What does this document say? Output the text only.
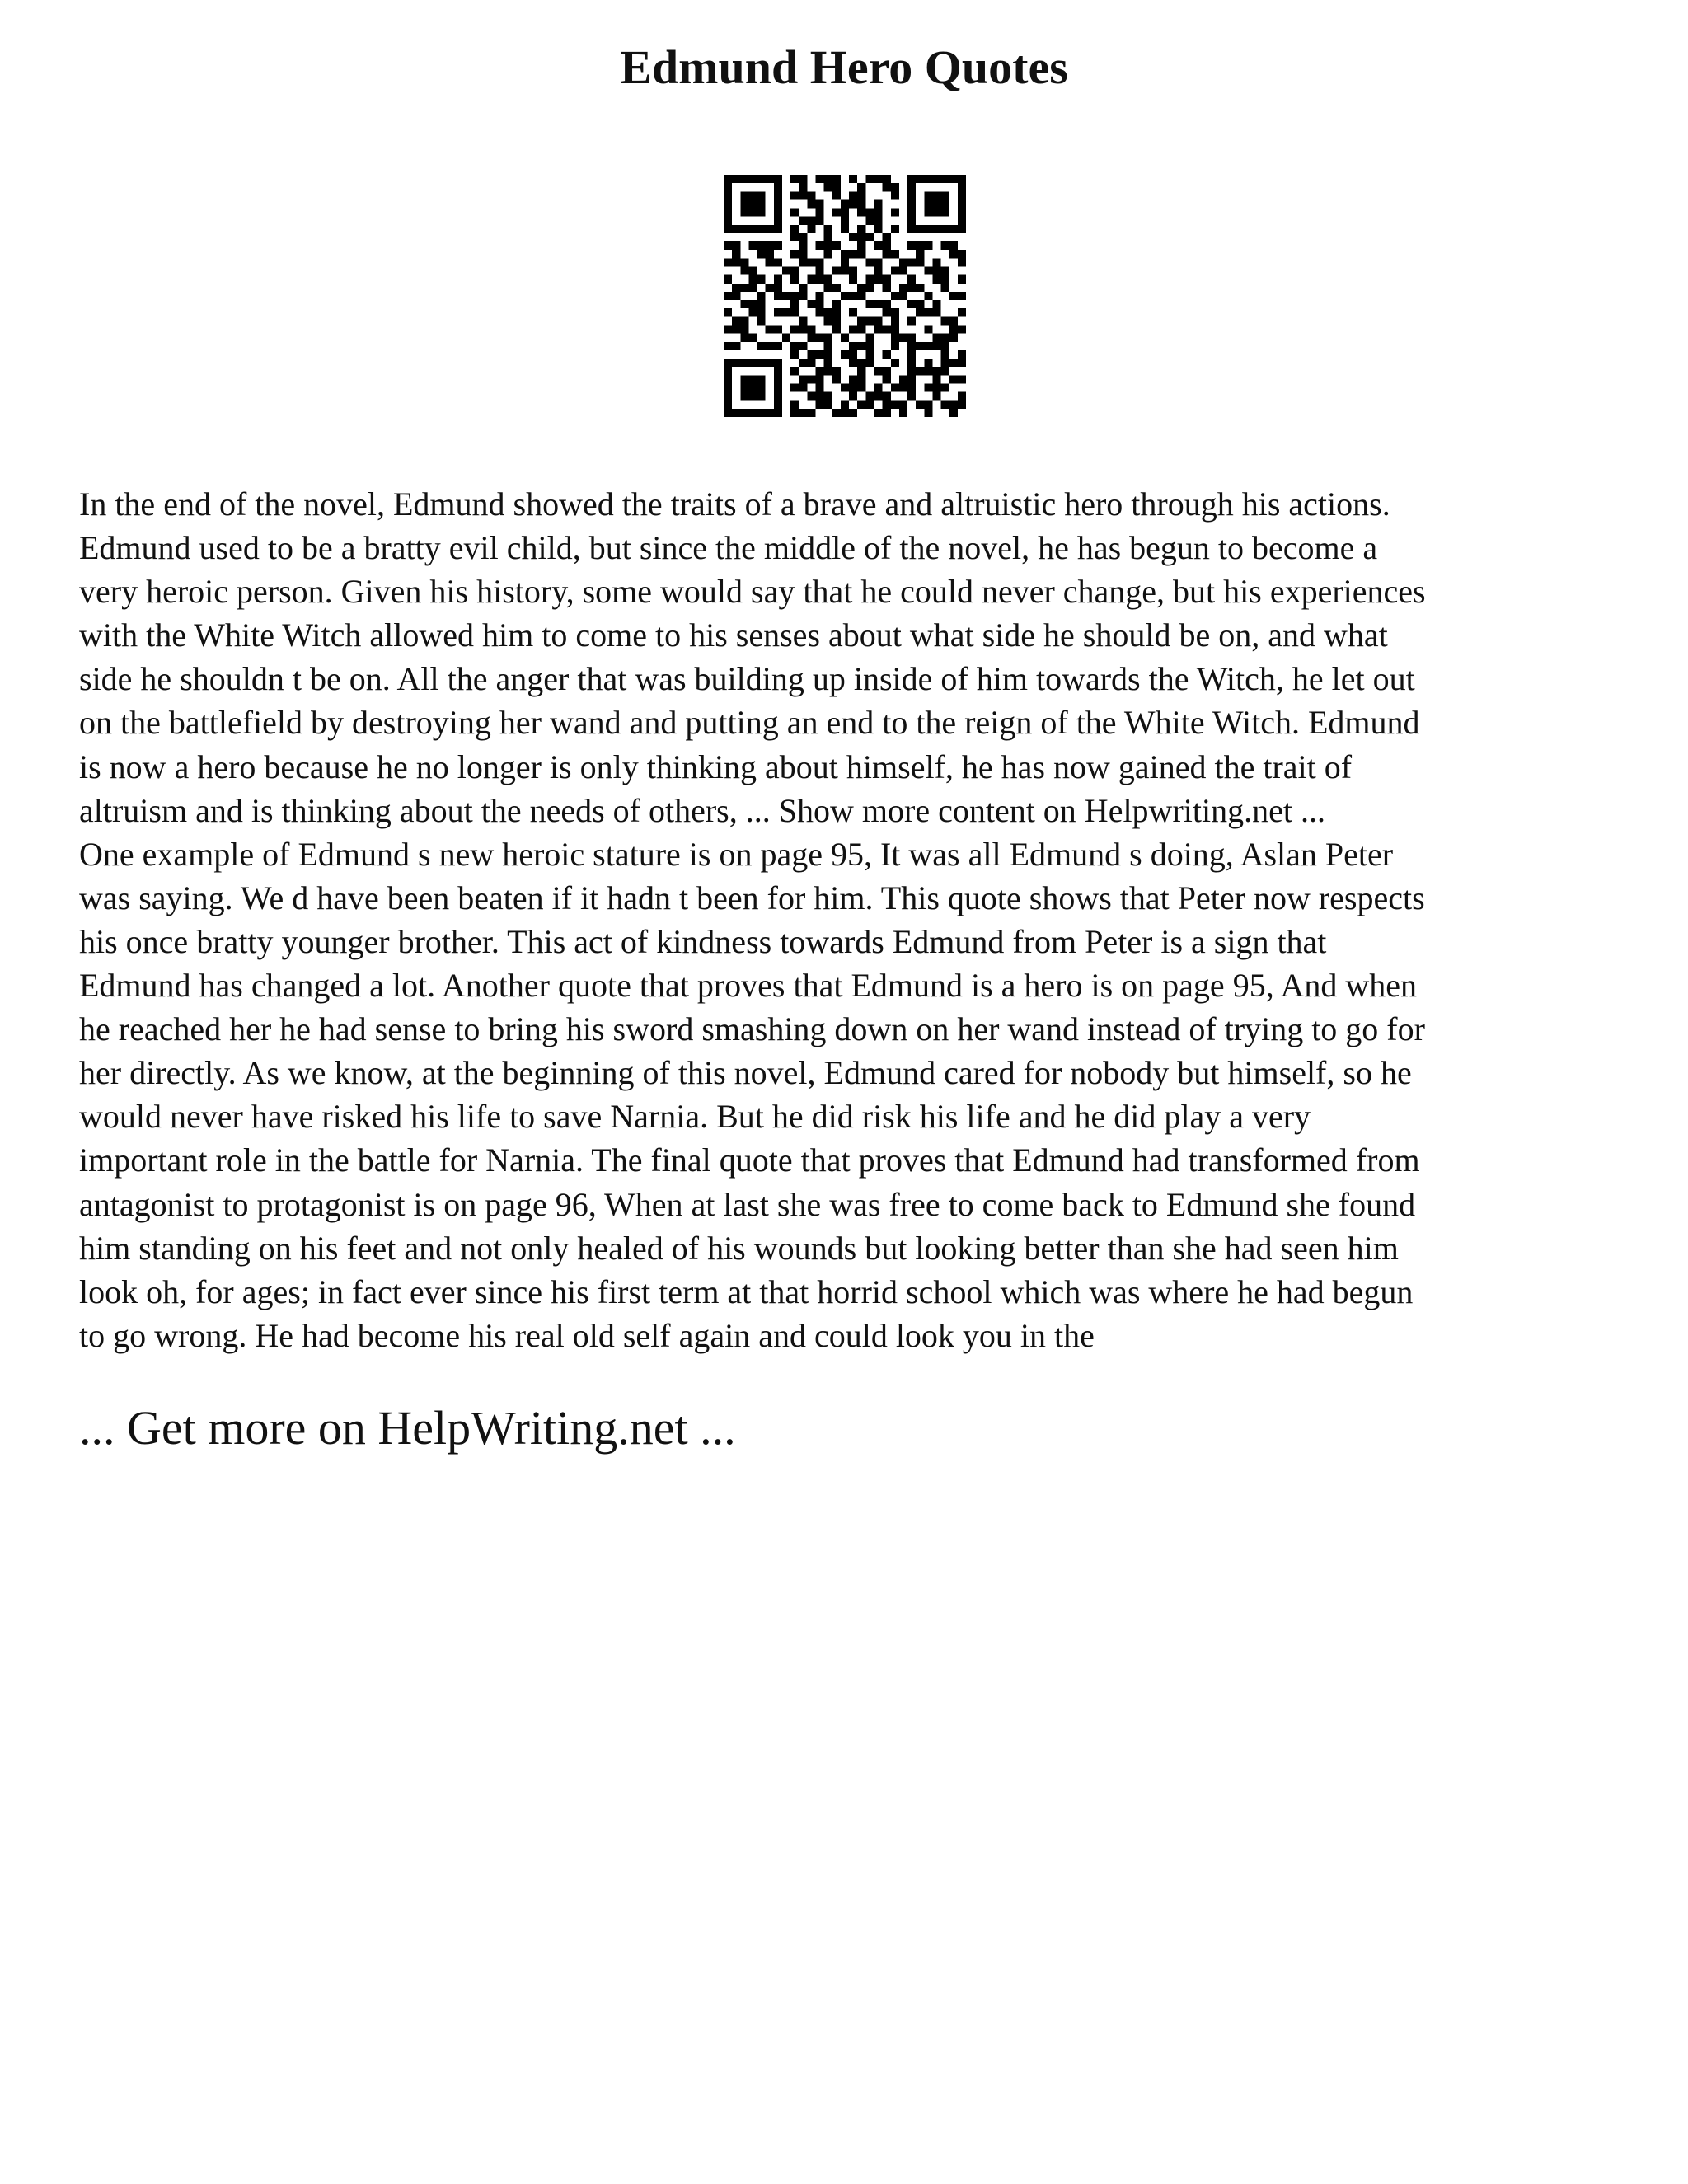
Edmund Hero Quotes

In the end of the novel, Edmund showed the traits of a brave and altruistic hero through his actions.
Edmund used to be a bratty evil child, but since the middle of the novel, he has begun to become a
very heroic person. Given his history, some would say that he could never change, but his experiences
with the White Witch allowed him to come to his senses about what side he should be on, and what
side he shouldn t be on. All the anger that was building up inside of him towards the Witch, he let out
on the battlefield by destroying her wand and putting an end to the reign of the White Witch. Edmund
is now a hero because he no longer is only thinking about himself, he has now gained the trait of
altruism and is thinking about the needs of others, ... Show more content on Helpwriting.net ...
One example of Edmund s new heroic stature is on page 95, It was all Edmund s doing, Aslan Peter
was saying. We d have been beaten if it hadn t been for him. This quote shows that Peter now respects
his once bratty younger brother. This act of kindness towards Edmund from Peter is a sign that
Edmund has changed a lot. Another quote that proves that Edmund is a hero is on page 95, And when
he reached her he had sense to bring his sword smashing down on her wand instead of trying to go for
her directly. As we know, at the beginning of this novel, Edmund cared for nobody but himself, so he
would never have risked his life to save Narnia. But he did risk his life and he did play a very
important role in the battle for Narnia. The final quote that proves that Edmund had transformed from
antagonist to protagonist is on page 96, When at last she was free to come back to Edmund she found
him standing on his feet and not only healed of his wounds but looking better than she had seen him
look oh, for ages; in fact ever since his first term at that horrid school which was where he had begun
to go wrong. He had become his real old self again and could look you in the

... Get more on HelpWriting.net ...
